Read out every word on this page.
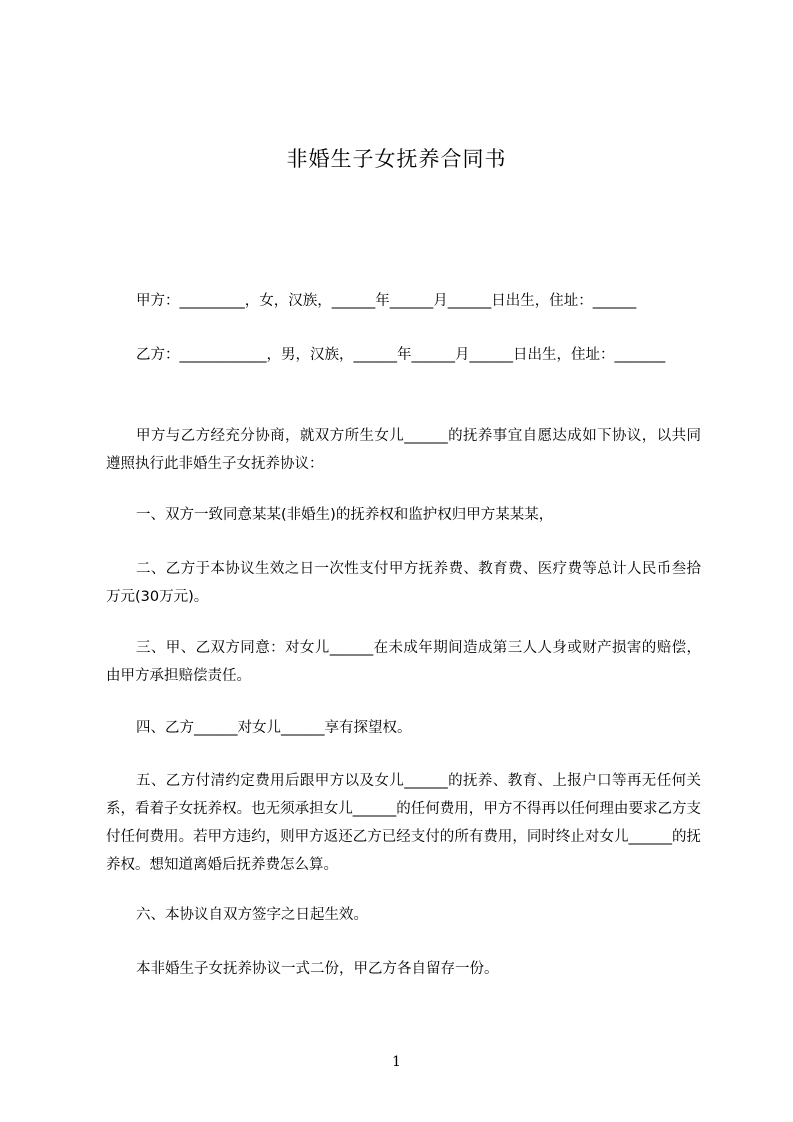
非婚生子女抚养合同书
甲方：_________，女，汉族，______年______月______日出生，住址：______
乙方：____________，男，汉族，______年______月______日出生，住址：_______
甲方与乙方经充分协商，就双方所生女儿______的抚养事宜自愿达成如下协议，以共同遵照执行此非婚生子女抚养协议：
一、双方一致同意某某(非婚生)的抚养权和监护权归甲方某某某，
二、乙方于本协议生效之日一次性支付甲方抚养费、教育费、医疗费等总计人民币叁拾万元(30万元)。
三、甲、乙双方同意：对女儿______在未成年期间造成第三人人身或财产损害的赔偿，由甲方承担赔偿责任。
四、乙方______对女儿______享有探望权。
五、乙方付清约定费用后跟甲方以及女儿______的抚养、教育、上报户口等再无任何关系，看着子女抚养权。也无须承担女儿______的任何费用，甲方不得再以任何理由要求乙方支付任何费用。若甲方违约，则甲方返还乙方已经支付的所有费用，同时终止对女儿______的抚养权。想知道离婚后抚养费怎么算。
六、本协议自双方签字之日起生效。
本非婚生子女抚养协议一式二份，甲乙方各自留存一份。
1
